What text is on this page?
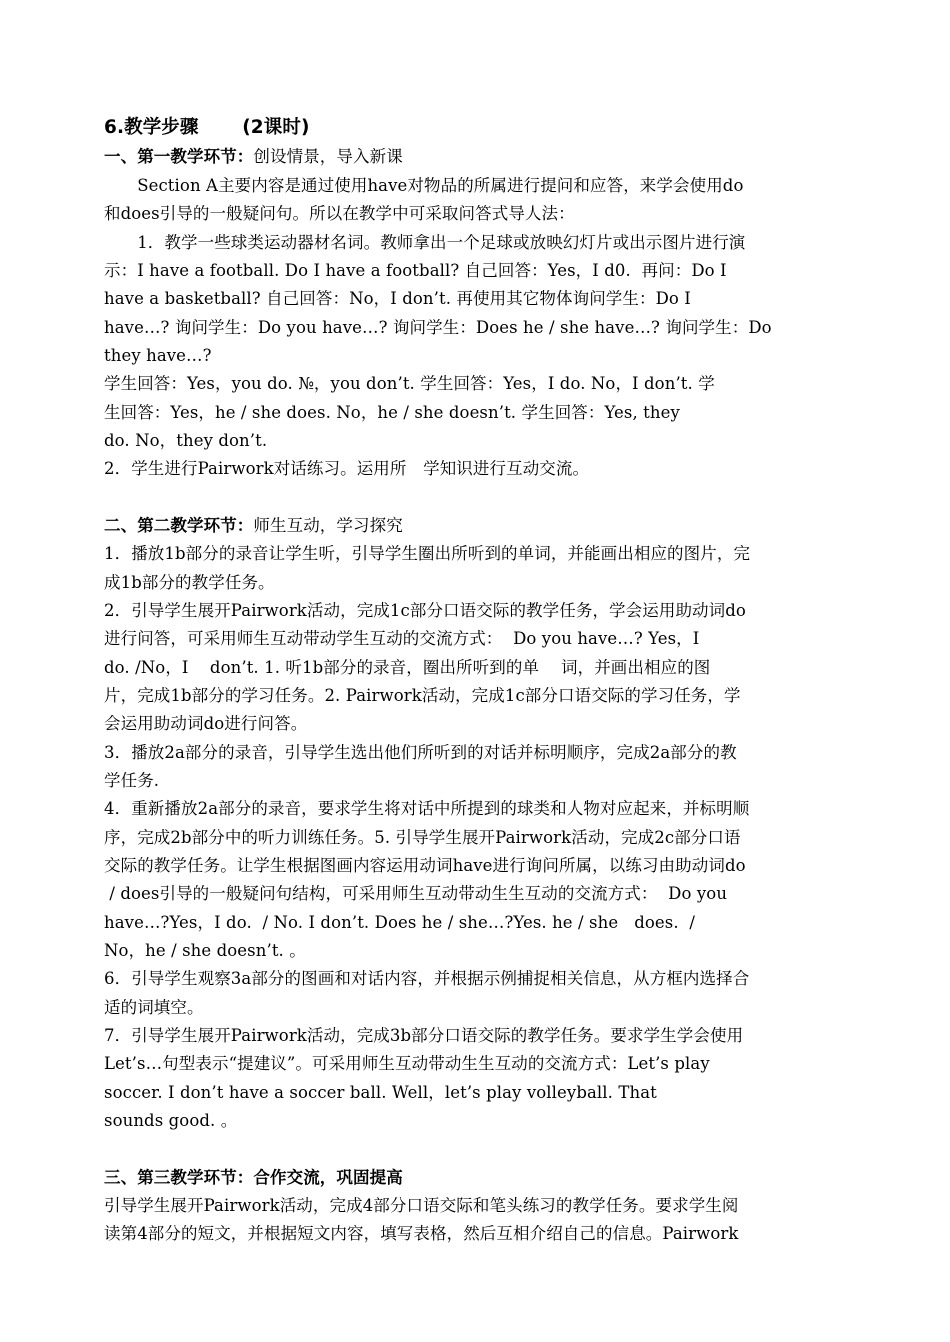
6.教学步骤　　 (2课时)
一、第一教学环节：创设情景，导入新课
　　Section A主要内容是通过使用have对物品的所属进行提问和应答，来学会使用do
和does引导的一般疑问句。所以在教学中可采取问答式导人法：
　　1．教学一些球类运动器材名词。教师拿出一个足球或放映幻灯片或出示图片进行演
示：I have a football. Do I have a football? 自己回答：Yes，I d0.  再问：Do I
have a basketball? 自己回答：No，I don’t. 再使用其它物体询问学生：Do I
have…? 询问学生：Do you have…? 询问学生：Does he / she have…? 询问学生：Do
they have…?
学生回答：Yes，you do. №，you don’t. 学生回答：Yes，I do. No，I don’t. 学
生回答：Yes，he / she does. No，he / she doesn’t. 学生回答：Yes, they
do. No，they don’t.
2．学生进行Pairwork对话练习。运用所　学知识进行互动交流。
二、第二教学环节：师生互动，学习探究
1．播放1b部分的录音让学生听，引导学生圈出所听到的单词，并能画出相应的图片，完
成1b部分的教学任务。
2．引导学生展开Pairwork活动，完成1c部分口语交际的教学任务，学会运用助动词do
进行问答，可采用师生互动带动学生互动的交流方式：  Do you have…? Yes，I
do. /No，I    don’t. 1. 听1b部分的录音，圈出所听到的单　 词，并画出相应的图
片，完成1b部分的学习任务。2. Pairwork活动，完成1c部分口语交际的学习任务，学
会运用助动词do进行问答。
3．播放2a部分的录音，引导学生选出他们所听到的对话并标明顺序，完成2a部分的教
学任务.
4．重新播放2a部分的录音，要求学生将对话中所提到的球类和人物对应起来，并标明顺
序，完成2b部分中的听力训练任务。5. 引导学生展开Pairwork活动，完成2c部分口语
交际的教学任务。让学生根据图画内容运用动词have进行询问所属，以练习由助动词do
/ does引导的一般疑问句结构，可采用师生互动带动生生互动的交流方式：  Do you
have…?Yes，I do.  / No. I don’t. Does he / she…?Yes. he / she   does.  /
No，he / she doesn’t. 。
6．引导学生观察3a部分的图画和对话内容，并根据示例捕捉相关信息，从方框内选择合
适的词填空。
7．引导学生展开Pairwork活动，完成3b部分口语交际的教学任务。要求学生学会使用
Let’s…句型表示“提建议”。可采用师生互动带动生生互动的交流方式：Let’s play
soccer. I don’t have a soccer ball. Well，let’s play volleyball. That
sounds good. 。
三、第三教学环节：合作交流，巩固提高
引导学生展开Pairwork活动，完成4部分口语交际和笔头练习的教学任务。要求学生阅
读第4部分的短文，并根据短文内容，填写表格，然后互相介绍自己的信息。Pairwork
